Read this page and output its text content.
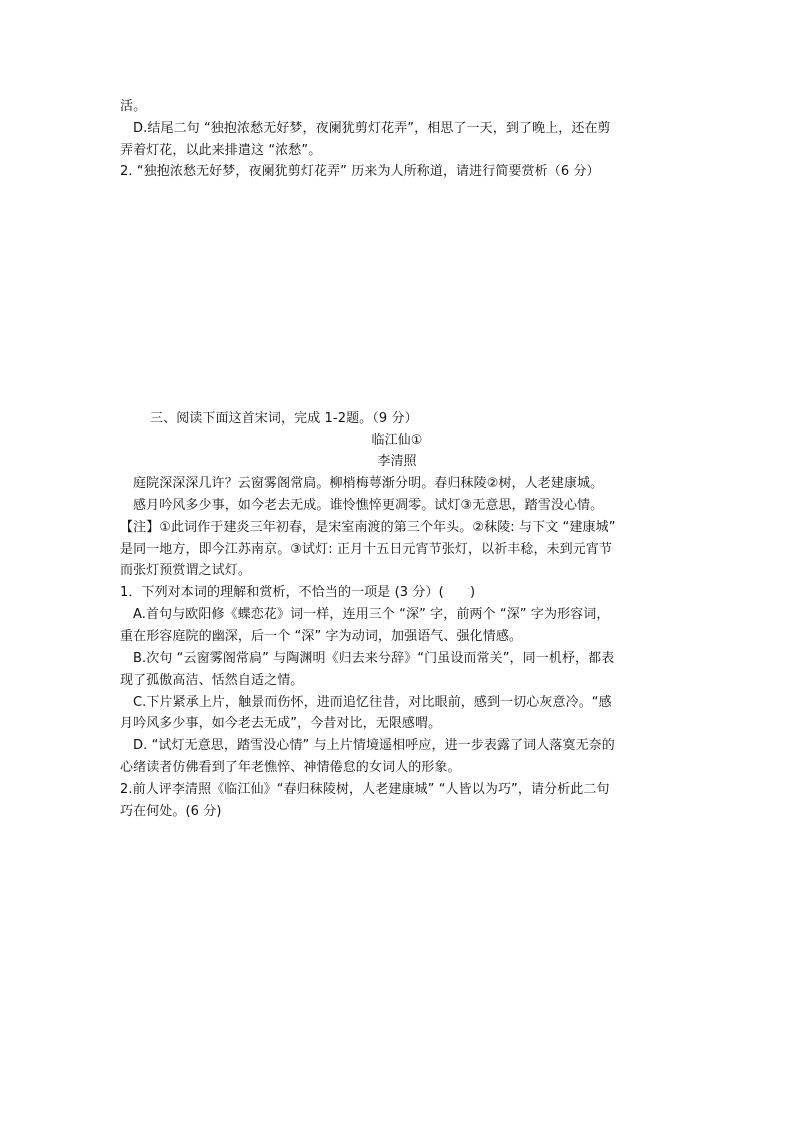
活。
D.结尾二句 “独抱浓愁无好梦，夜阑犹剪灯花弄”，相思了一天，到了晚上，还在剪
弄着灯花，以此来排遣这 “浓愁”。
2. “独抱浓愁无好梦，夜阑犹剪灯花弄” 历来为人所称道，请进行简要赏析（6 分）
三、阅读下面这首宋词，完成 1-2题。（9 分）
临江仙①
李清照
庭院深深深几许？云窗雾阁常扃。柳梢梅萼渐分明。春归秣陵②树，人老建康城。
感月吟风多少事，如今老去无成。谁怜憔悴更凋零。试灯③无意思，踏雪没心情。
【注】①此词作于建炎三年初春，是宋室南渡的第三个年头。②秣陵: 与下文 “建康城”
是同一地方，即今江苏南京。③试灯: 正月十五日元宵节张灯，以祈丰稔，未到元宵节
而张灯预赏谓之试灯。
1．下列对本词的理解和赏析，不恰当的一项是 (3 分）(　　)
A.首句与欧阳修《蝶恋花》词一样，连用三个 “深” 字，前两个 “深” 字为形容词，
重在形容庭院的幽深，后一个 “深” 字为动词，加强语气、强化情感。
B.次句 “云窗雾阁常扃” 与陶渊明《归去来兮辞》“门虽设而常关”，同一机杼，都表
现了孤傲高洁、恬然自适之情。
C.下片紧承上片，触景而伤怀，进而追忆往昔，对比眼前，感到一切心灰意冷。“感
月吟风多少事，如今老去无成”，今昔对比，无限感喟。
D. “试灯无意思，踏雪没心情” 与上片情境遥相呼应，进一步表露了词人落寞无奈的
心绪读者仿佛看到了年老憔悴、神情倦怠的女词人的形象。
2.前人评李清照《临江仙》“春归秣陵树，人老建康城” “人皆以为巧”，请分析此二句
巧在何处。(6 分)
